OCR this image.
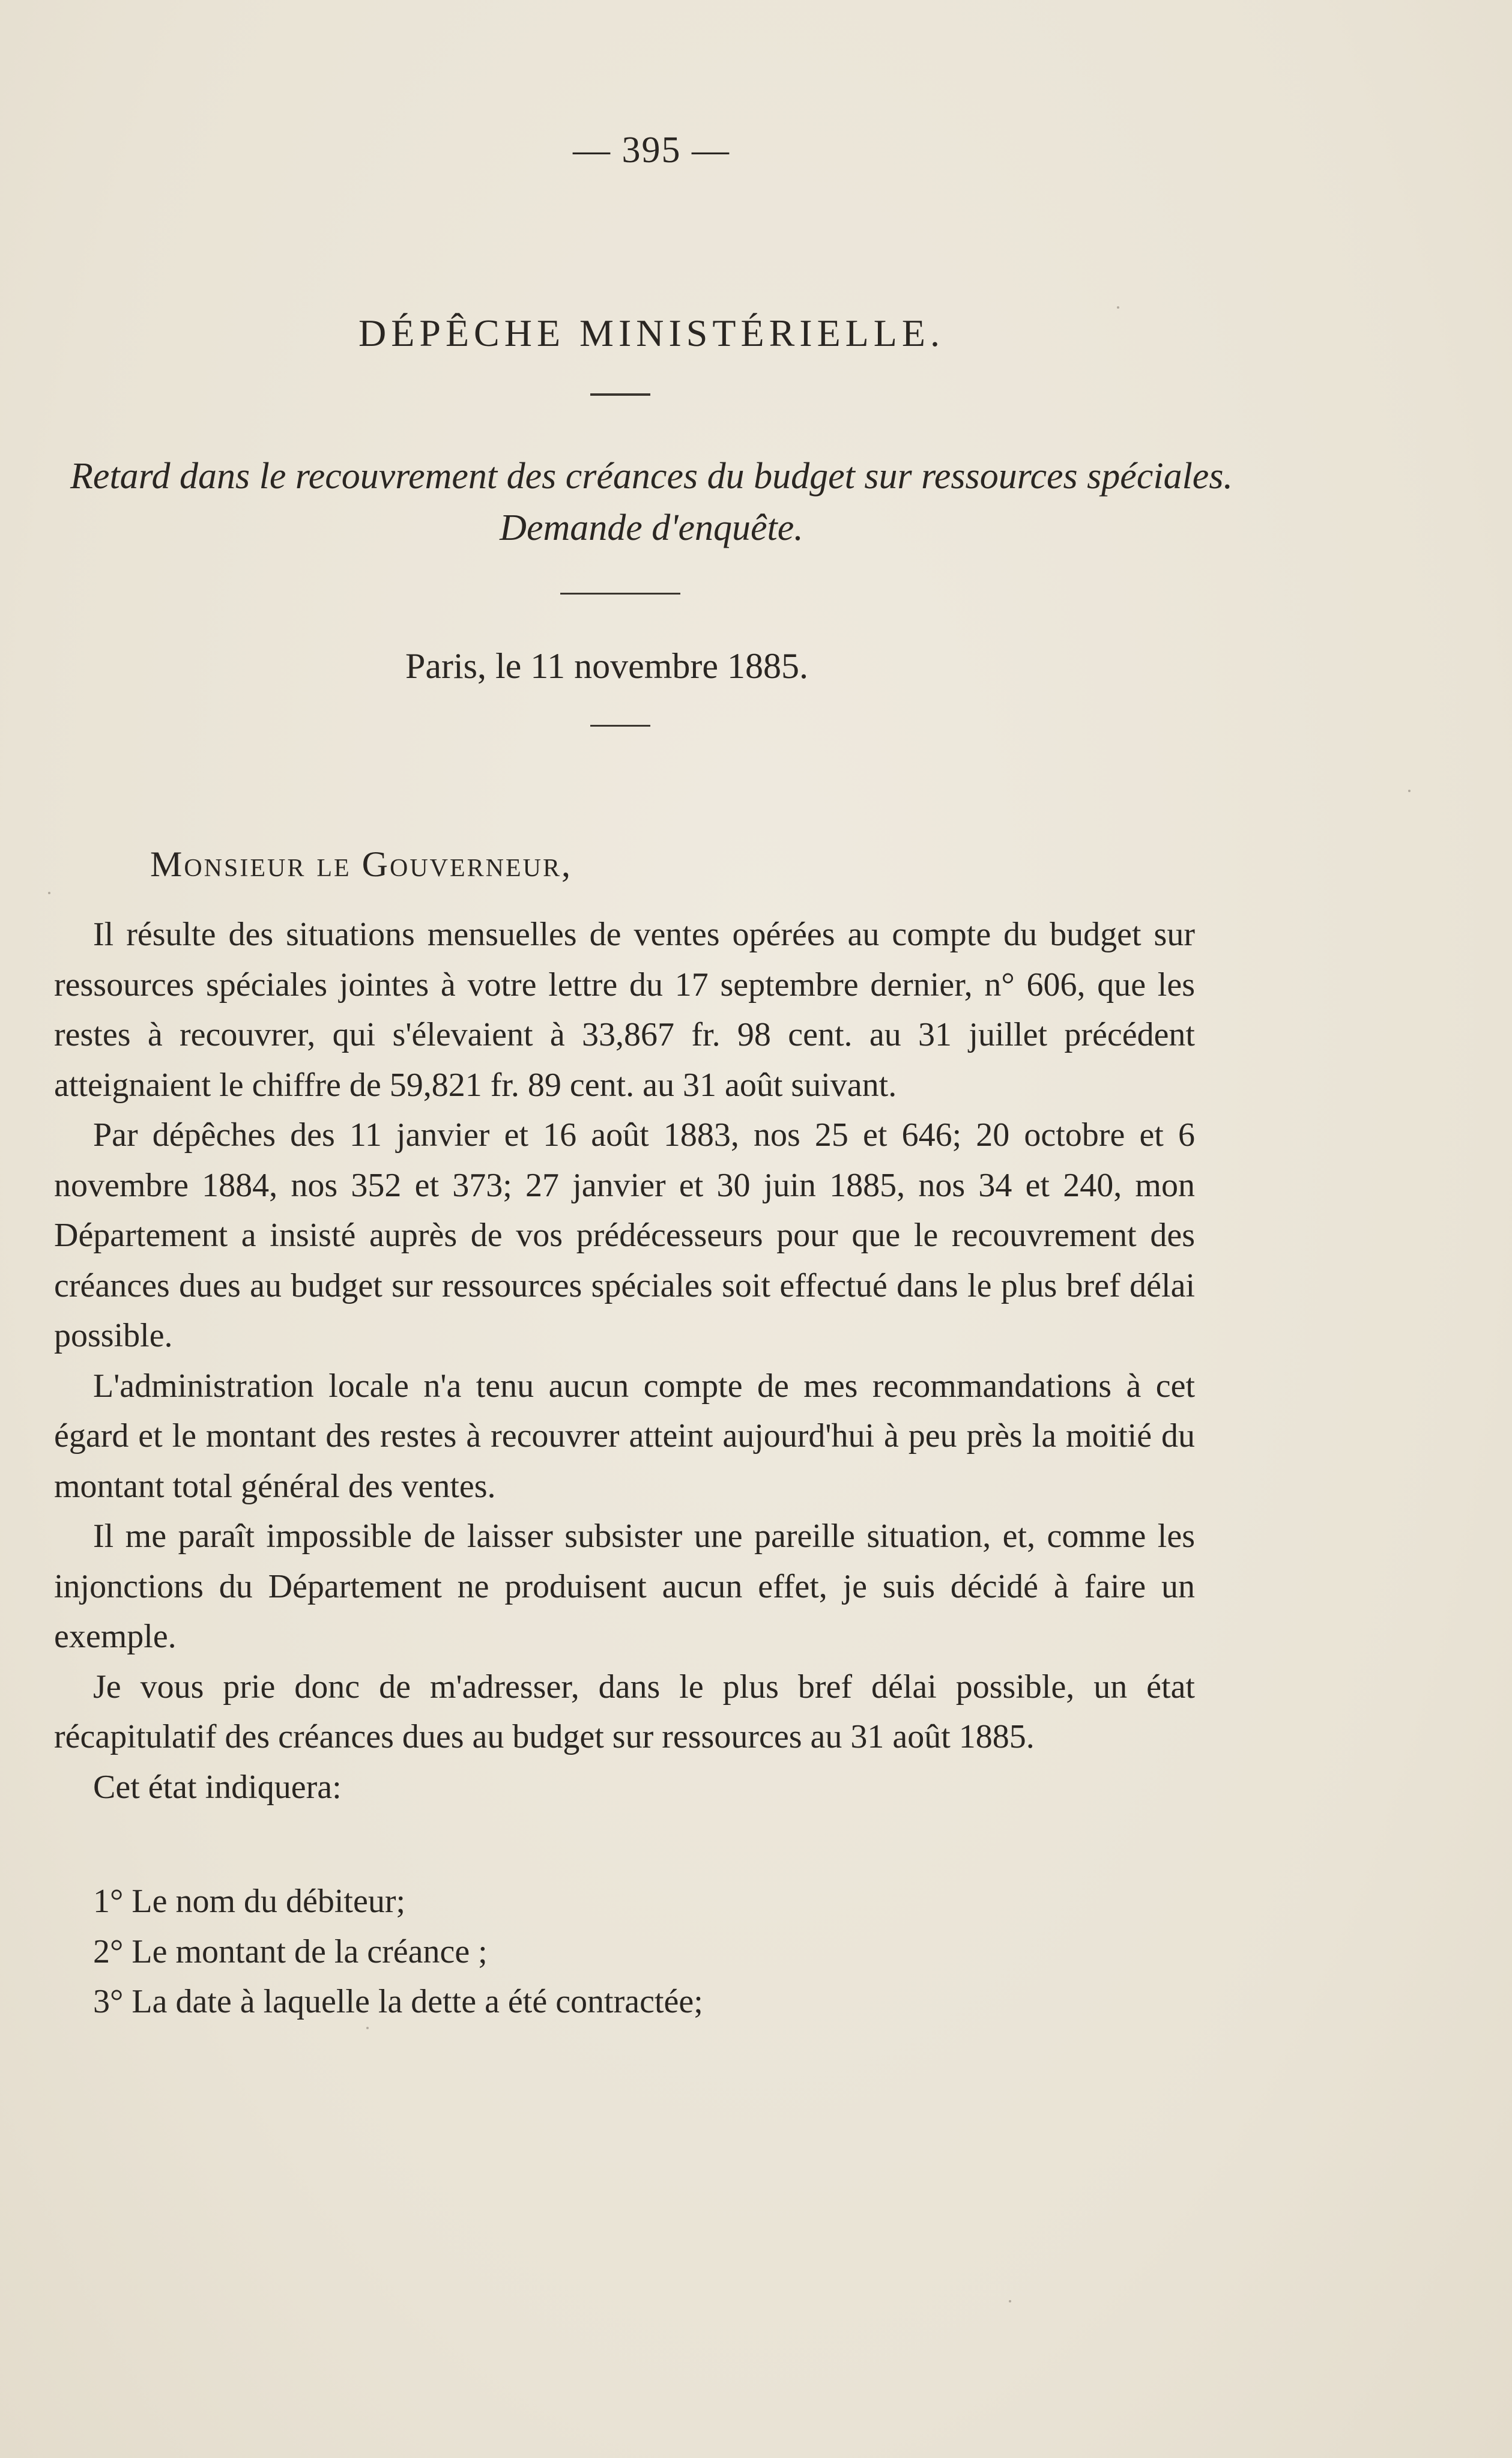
— 395 —
DÉPÊCHE MINISTÉRIELLE.
Retard dans le recouvrement des créances du budget sur ressources spéciales.
Demande d'enquête.
Paris, le 11 novembre 1885.
Monsieur le Gouverneur,

Il résulte des situations mensuelles de ventes opérées au compte du budget sur ressources spéciales jointes à votre lettre du 17 septembre dernier, n° 606, que les restes à recouvrer, qui s'élevaient à 33,867 fr. 98 cent. au 31 juillet précédent atteignaient le chiffre de 59,821 fr. 89 cent. au 31 août suivant.

Par dépêches des 11 janvier et 16 août 1883, nos 25 et 646; 20 octobre et 6 novembre 1884, nos 352 et 373; 27 janvier et 30 juin 1885, nos 34 et 240, mon Département a insisté auprès de vos prédécesseurs pour que le recouvrement des créances dues au budget sur ressources spéciales soit effectué dans le plus bref délai possible.

L'administration locale n'a tenu aucun compte de mes recommandations à cet égard et le montant des restes à recouvrer atteint aujourd'hui à peu près la moitié du montant total général des ventes.

Il me paraît impossible de laisser subsister une pareille situation, et, comme les injonctions du Département ne produisent aucun effet, je suis décidé à faire un exemple.

Je vous prie donc de m'adresser, dans le plus bref délai possible, un état récapitulatif des créances dues au budget sur ressources au 31 août 1885.

Cet état indiquera:

1° Le nom du débiteur;
2° Le montant de la créance ;
3° La date à laquelle la dette a été contractée;
